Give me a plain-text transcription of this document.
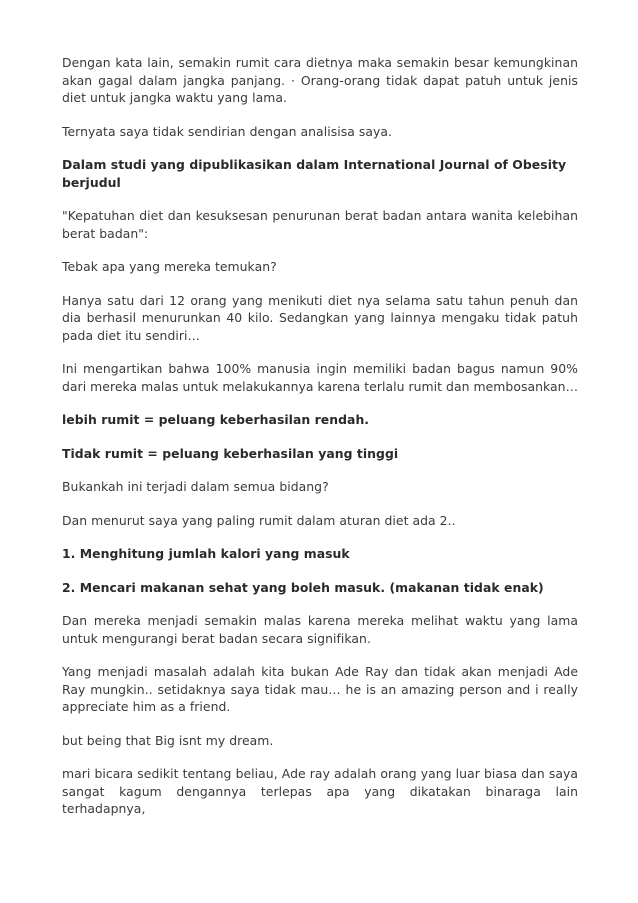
Dengan kata lain, semakin rumit cara dietnya maka semakin besar kemungkinan akan gagal dalam jangka panjang. · Orang-orang tidak dapat patuh untuk jenis diet untuk jangka waktu yang lama.

Ternyata saya tidak sendirian dengan analisisa saya.

Dalam studi yang dipublikasikan dalam International Journal of Obesity berjudul

"Kepatuhan diet dan kesuksesan penurunan berat badan antara wanita kelebihan berat badan":

Tebak apa yang mereka temukan?

Hanya satu dari 12 orang yang menikuti diet nya selama satu tahun penuh dan dia berhasil menurunkan 40 kilo. Sedangkan yang lainnya mengaku tidak patuh pada diet itu sendiri…

Ini mengartikan bahwa 100% manusia ingin memiliki badan bagus namun 90% dari mereka malas untuk melakukannya karena terlalu rumit dan membosankan…

lebih rumit = peluang keberhasilan rendah.

Tidak rumit = peluang keberhasilan yang tinggi

Bukankah ini terjadi dalam semua bidang?

Dan menurut saya yang paling rumit dalam aturan diet ada 2..

1. Menghitung jumlah kalori yang masuk

2. Mencari makanan sehat yang boleh masuk. (makanan tidak enak)

Dan mereka menjadi semakin malas karena mereka melihat waktu yang lama untuk mengurangi berat badan secara signifikan.

Yang menjadi masalah adalah kita bukan Ade Ray dan tidak akan menjadi Ade Ray mungkin.. setidaknya saya tidak mau… he is an amazing person and i really appreciate him as a friend.

but being that Big isnt my dream.

mari bicara sedikit tentang beliau, Ade ray adalah orang yang luar biasa dan saya sangat kagum dengannya terlepas apa yang dikatakan binaraga lain terhadapnya,
